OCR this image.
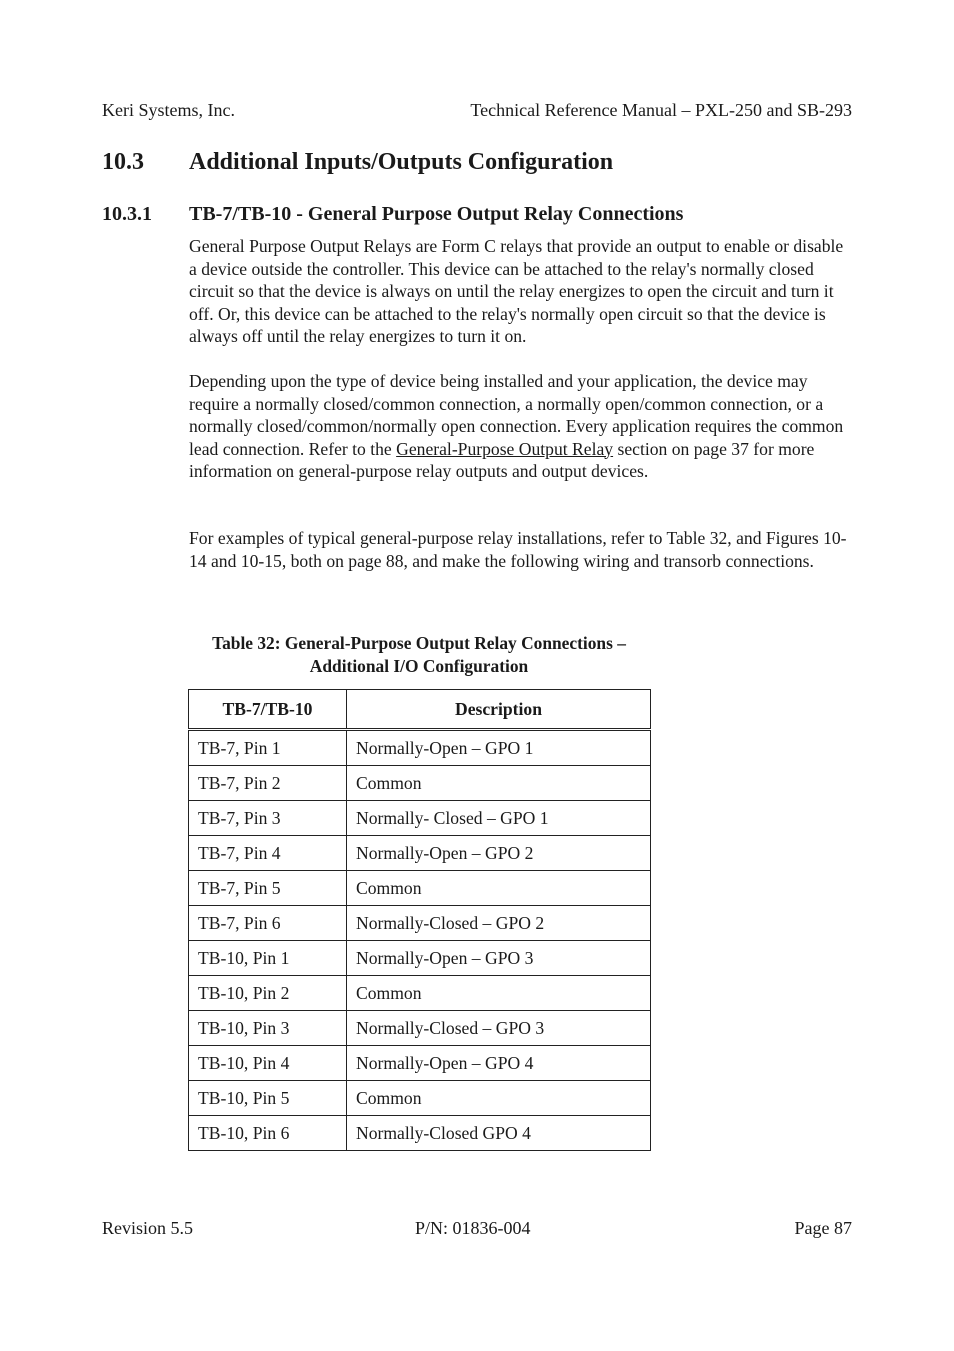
Keri Systems, Inc.	Technical Reference Manual – PXL-250 and SB-293
10.3 Additional Inputs/Outputs Configuration
10.3.1 TB-7/TB-10 - General Purpose Output Relay Connections

General Purpose Output Relays are Form C relays that provide an output to enable or disable a device outside the controller. This device can be attached to the relay's normally closed circuit so that the device is always on until the relay energizes to open the circuit and turn it off. Or, this device can be attached to the relay's normally open circuit so that the device is always off until the relay energizes to turn it on.

Depending upon the type of device being installed and your application, the device may require a normally closed/common connection, a normally open/common connection, or a normally closed/common/normally open connection. Every application requires the common lead connection. Refer to the General-Purpose Output Relay section on page 37 for more information on general-purpose relay outputs and output devices.

For examples of typical general-purpose relay installations, refer to Table 32, and Figures 10-14 and 10-15, both on page 88, and make the following wiring and transorb connections.

Table 32: General-Purpose Output Relay Connections –
Additional I/O Configuration
TB-7/TB-10	Description
TB-7, Pin 1	Normally-Open – GPO 1
TB-7, Pin 2	Common
TB-7, Pin 3	Normally- Closed – GPO 1
TB-7, Pin 4	Normally-Open – GPO 2
TB-7, Pin 5	Common
TB-7, Pin 6	Normally-Closed – GPO 2
TB-10, Pin 1	Normally-Open – GPO 3
TB-10, Pin 2	Common
TB-10, Pin 3	Normally-Closed – GPO 3
TB-10, Pin 4	Normally-Open – GPO 4
TB-10, Pin 5	Common
TB-10, Pin 6	Normally-Closed GPO 4
Revision 5.5	P/N: 01836-004	Page 87
